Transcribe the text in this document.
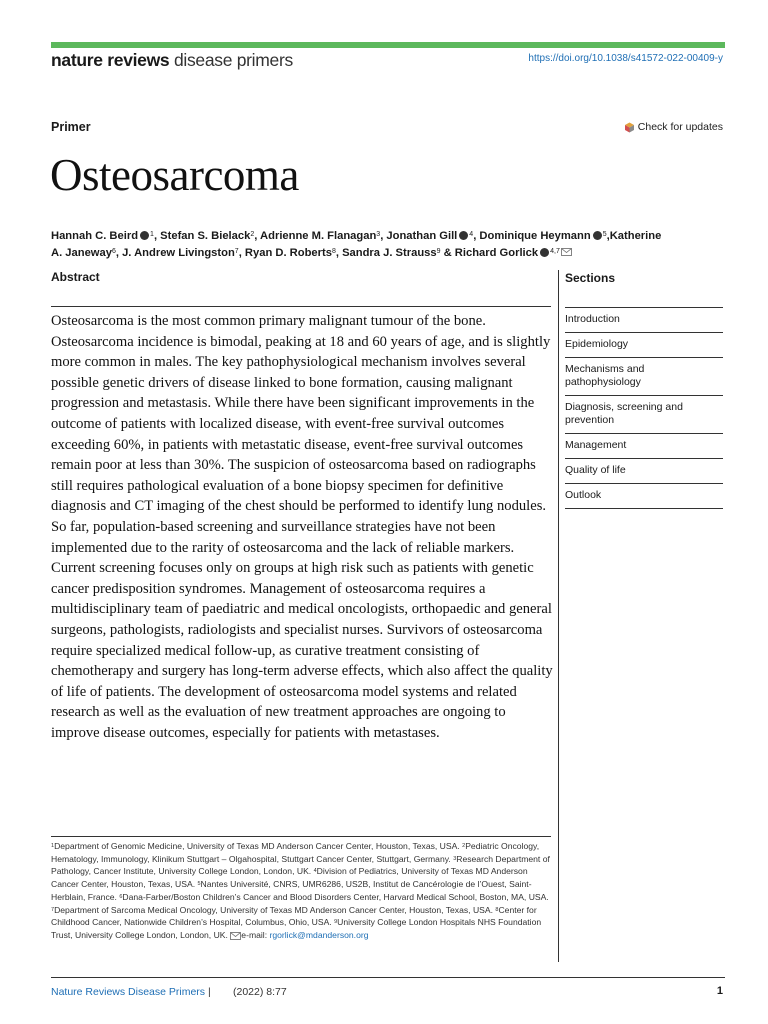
nature reviews disease primers	https://doi.org/10.1038/s41572-022-00409-y
Primer	Check for updates
Osteosarcoma
Hannah C. Beird $^1$, Stefan S. Bielack$^2$, Adrienne M. Flanagan$^3$, Jonathan Gill $^4$, Dominique Heymann $^5$,Katherine A. Janeway$^6$, J. Andrew Livingston$^7$, Ryan D. Roberts$^8$, Sandra J. Strauss$^9$ & Richard Gorlick $^{4,7}$
Abstract
Osteosarcoma is the most common primary malignant tumour of the bone. Osteosarcoma incidence is bimodal, peaking at 18 and 60 years of age, and is slightly more common in males. The key pathophysiological mechanism involves several possible genetic drivers of disease linked to bone formation, causing malignant progression and metastasis. While there have been significant improvements in the outcome of patients with localized disease, with event-free survival outcomes exceeding 60%, in patients with metastatic disease, event-free survival outcomes remain poor at less than 30%. The suspicion of osteosarcoma based on radiographs still requires pathological evaluation of a bone biopsy specimen for definitive diagnosis and CT imaging of the chest should be performed to identify lung nodules. So far, population-based screening and surveillance strategies have not been implemented due to the rarity of osteosarcoma and the lack of reliable markers. Current screening focuses only on groups at high risk such as patients with genetic cancer predisposition syndromes. Management of osteosarcoma requires a multidisciplinary team of paediatric and medical oncologists, orthopaedic and general surgeons, pathologists, radiologists and specialist nurses. Survivors of osteosarcoma require specialized medical follow-up, as curative treatment consisting of chemotherapy and surgery has long-term adverse effects, which also affect the quality of life of patients. The development of osteosarcoma model systems and related research as well as the evaluation of new treatment approaches are ongoing to improve disease outcomes, especially for patients with metastases.
Sections
Introduction
Epidemiology
Mechanisms and pathophysiology
Diagnosis, screening and prevention
Management
Quality of life
Outlook
$^1$Department of Genomic Medicine, University of Texas MD Anderson Cancer Center, Houston, Texas, USA. $^2$Pediatric Oncology, Hematology, Immunology, Klinikum Stuttgart – Olgahospital, Stuttgart Cancer Center, Stuttgart, Germany. $^3$Research Department of Pathology, Cancer Institute, University College London, London, UK. $^4$Division of Pediatrics, University of Texas MD Anderson Cancer Center, Houston, Texas, USA. $^5$Nantes Université, CNRS, UMR6286, US2B, Institut de Cancérologie de l’Ouest, Saint-Herblain, France. $^6$Dana-Farber/Boston Children’s Cancer and Blood Disorders Center, Harvard Medical School, Boston, MA, USA. $^7$Department of Sarcoma Medical Oncology, University of Texas MD Anderson Cancer Center, Houston, Texas, USA. $^8$Center for Childhood Cancer, Nationwide Children’s Hospital, Columbus, Ohio, USA. $^9$University College London Hospitals NHS Foundation Trust, University College London, London, UK. e-mail: rgorlick@mdanderson.org
Nature Reviews Disease Primers | (2022) 8:77	1
